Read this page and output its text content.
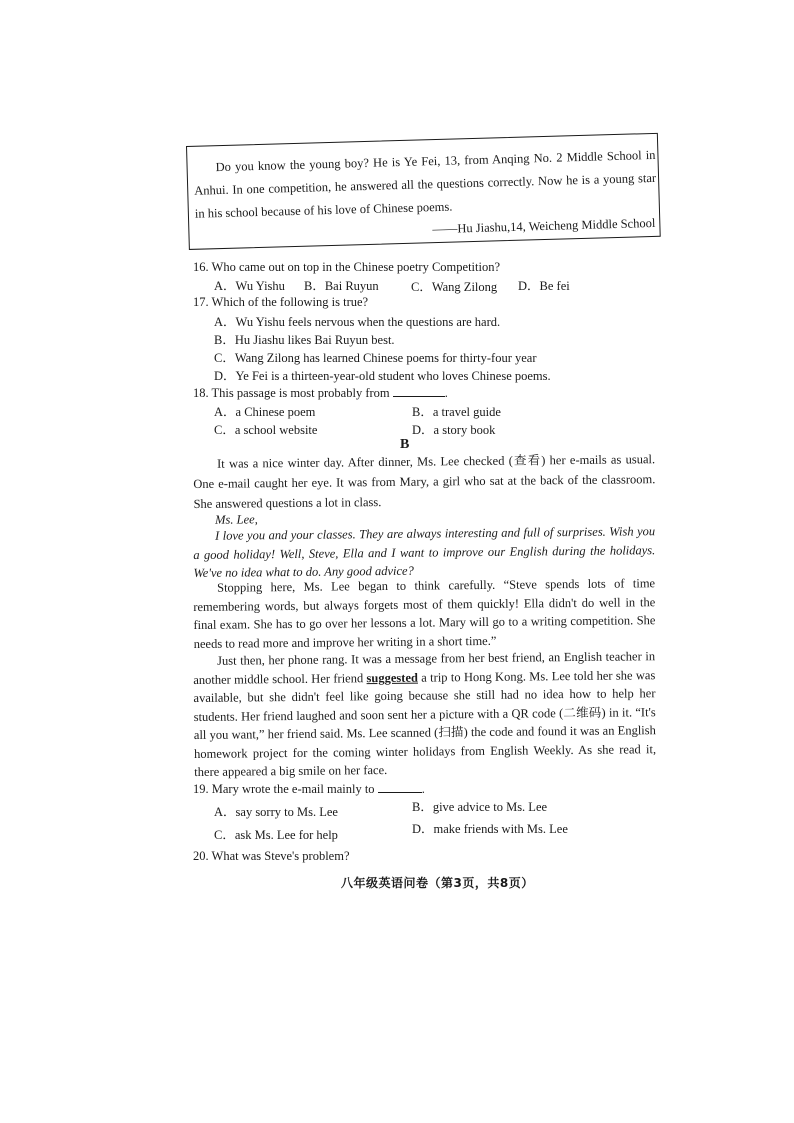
Do you know the young boy? He is Ye Fei, 13, from Anqing No. 2 Middle School in Anhui. In one competition, he answered all the questions correctly. Now he is a young star in his school because of his love of Chinese poems.

——Hu Jiashu,14, Weicheng Middle School

16. Who came out on top in the Chinese poetry Competition?
A．Wu Yishu B．Bai Ruyun	C．Wang Zilong D．Be fei
17. Which of the following is true?
A．Wu Yishu feels nervous when the questions are hard.
B．Hu Jiashu likes Bai Ruyun best.
C．Wang Zilong has learned Chinese poems for thirty-four year
D．Ye Fei is a thirteen-year-old student who loves Chinese poems.
18. This passage is most probably from	.
A．a Chinese poem	B．a travel guide
C．a school website	D．a story book
B
It was a nice winter day. After dinner, Ms. Lee checked (查看) her e-mails as usual. One e-mail caught her eye. It was from Mary, a girl who sat at the back of the classroom. She answered questions a lot in class.
Ms. Lee,
I love you and your classes. They are always interesting and full of surprises. Wish you a good holiday! Well, Steve, Ella and I want to improve our English during the holidays. We've no idea what to do. Any good advice?
Stopping here, Ms. Lee began to think carefully. “Steve spends lots of time remembering words, but always forgets most of them quickly! Ella didn't do well in the final exam. She has to go over her lessons a lot. Mary will go to a writing competition. She needs to read more and improve her writing in a short time.”
Just then, her phone rang. It was a message from her best friend, an English teacher in another middle school. Her friend suggested a trip to Hong Kong. Ms. Lee told her she was available, but she didn't feel like going because she still had no idea how to help her students. Her friend laughed and soon sent her a picture with a QR code (二维码) in it. “It's all you want,” her friend said. Ms. Lee scanned (扫描) the code and found it was an English homework project for the coming winter holidays from English Weekly. As she read it, there appeared a big smile on her face.
19. Mary wrote the e-mail mainly to	.
A．say sorry to Ms. Lee	B．give advice to Ms. Lee
C．ask Ms. Lee for help	D．make friends with Ms. Lee
20. What was Steve's problem?
八年级英语问卷（第3页，共8页）
